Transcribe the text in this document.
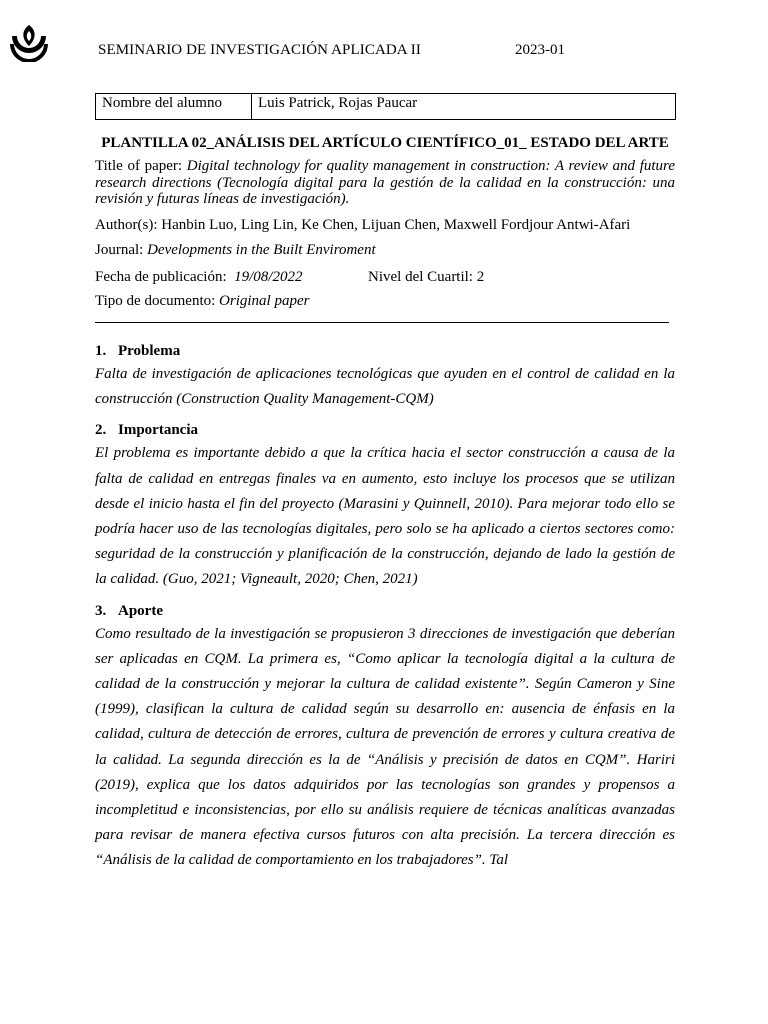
SEMINARIO DE INVESTIGACIÓN APLICADA II	2023-01
Nombre del alumno	Luis Patrick, Rojas Paucar
PLANTILLA 02_ANÁLISIS DEL ARTÍCULO CIENTÍFICO_01_ ESTADO DEL ARTE

Title of paper: Digital technology for quality management in construction: A review and future research directions (Tecnología digital para la gestión de la calidad en la construcción: una revisión y futuras líneas de investigación).

Author(s): Hanbin Luo, Ling Lin, Ke Chen, Lijuan Chen, Maxwell Fordjour Antwi-Afari

Journal: Developments in the Built Enviroment

Fecha de publicación: 19/08/2022	Nivel del Cuartil: 2

Tipo de documento: Original paper

1. Problema

Falta de investigación de aplicaciones tecnológicas que ayuden en el control de calidad en la construcción (Construction Quality Management-CQM)

2. Importancia

El problema es importante debido a que la crítica hacia el sector construcción a causa de la falta de calidad en entregas finales va en aumento, esto incluye los procesos que se utilizan desde el inicio hasta el fin del proyecto (Marasini y Quinnell, 2010). Para mejorar todo ello se podría hacer uso de las tecnologías digitales, pero solo se ha aplicado a ciertos sectores como: seguridad de la construcción y planificación de la construcción, dejando de lado la gestión de la calidad. (Guo, 2021; Vigneault, 2020; Chen, 2021)

3. Aporte

Como resultado de la investigación se propusieron 3 direcciones de investigación que deberían ser aplicadas en CQM. La primera es, “Como aplicar la tecnología digital a la cultura de calidad de la construcción y mejorar la cultura de calidad existente”. Según Cameron y Sine (1999), clasifican la cultura de calidad según su desarrollo en: ausencia de énfasis en la calidad, cultura de detección de errores, cultura de prevención de errores y cultura creativa de la calidad. La segunda dirección es la de “Análisis y precisión de datos en CQM”. Hariri (2019), explica que los datos adquiridos por las tecnologías son grandes y propensos a incompletitud e inconsistencias, por ello su análisis requiere de técnicas analíticas avanzadas para revisar de manera efectiva cursos futuros con alta precisión. La tercera dirección es “Análisis de la calidad de comportamiento en los trabajadores”. Tal
